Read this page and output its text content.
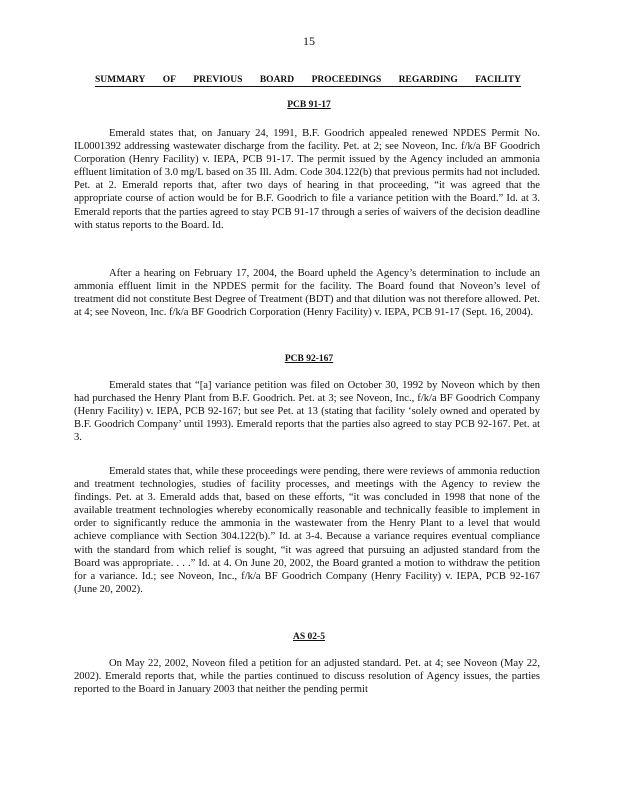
15
SUMMARY OF PREVIOUS BOARD PROCEEDINGS REGARDING FACILITY
PCB 91-17

Emerald states that, on January 24, 1991, B.F. Goodrich appealed renewed NPDES Permit No. IL0001392 addressing wastewater discharge from the facility. Pet. at 2; see Noveon, Inc. f/k/a BF Goodrich Corporation (Henry Facility) v. IEPA, PCB 91-17. The permit issued by the Agency included an ammonia effluent limitation of 3.0 mg/L based on 35 Ill. Adm. Code 304.122(b) that previous permits had not included. Pet. at 2. Emerald reports that, after two days of hearing in that proceeding, “it was agreed that the appropriate course of action would be for B.F. Goodrich to file a variance petition with the Board.” Id. at 3. Emerald reports that the parties agreed to stay PCB 91-17 through a series of waivers of the decision deadline with status reports to the Board. Id.

After a hearing on February 17, 2004, the Board upheld the Agency’s determination to include an ammonia effluent limit in the NPDES permit for the facility. The Board found that Noveon’s level of treatment did not constitute Best Degree of Treatment (BDT) and that dilution was not therefore allowed. Pet. at 4; see Noveon, Inc. f/k/a BF Goodrich Corporation (Henry Facility) v. IEPA, PCB 91-17 (Sept. 16, 2004).

PCB 92-167

Emerald states that “[a] variance petition was filed on October 30, 1992 by Noveon which by then had purchased the Henry Plant from B.F. Goodrich. Pet. at 3; see Noveon, Inc., f/k/a BF Goodrich Company (Henry Facility) v. IEPA, PCB 92-167; but see Pet. at 13 (stating that facility ‘solely owned and operated by B.F. Goodrich Company’ until 1993). Emerald reports that the parties also agreed to stay PCB 92-167. Pet. at 3.

Emerald states that, while these proceedings were pending, there were reviews of ammonia reduction and treatment technologies, studies of facility processes, and meetings with the Agency to review the findings. Pet. at 3. Emerald adds that, based on these efforts, “it was concluded in 1998 that none of the available treatment technologies whereby economically reasonable and technically feasible to implement in order to significantly reduce the ammonia in the wastewater from the Henry Plant to a level that would achieve compliance with Section 304.122(b).” Id. at 3-4. Because a variance requires eventual compliance with the standard from which relief is sought, “it was agreed that pursuing an adjusted standard from the Board was appropriate. . . .” Id. at 4. On June 20, 2002, the Board granted a motion to withdraw the petition for a variance. Id.; see Noveon, Inc., f/k/a BF Goodrich Company (Henry Facility) v. IEPA, PCB 92-167 (June 20, 2002).

AS 02-5

On May 22, 2002, Noveon filed a petition for an adjusted standard. Pet. at 4; see Noveon (May 22, 2002). Emerald reports that, while the parties continued to discuss resolution of Agency issues, the parties reported to the Board in January 2003 that neither the pending permit
